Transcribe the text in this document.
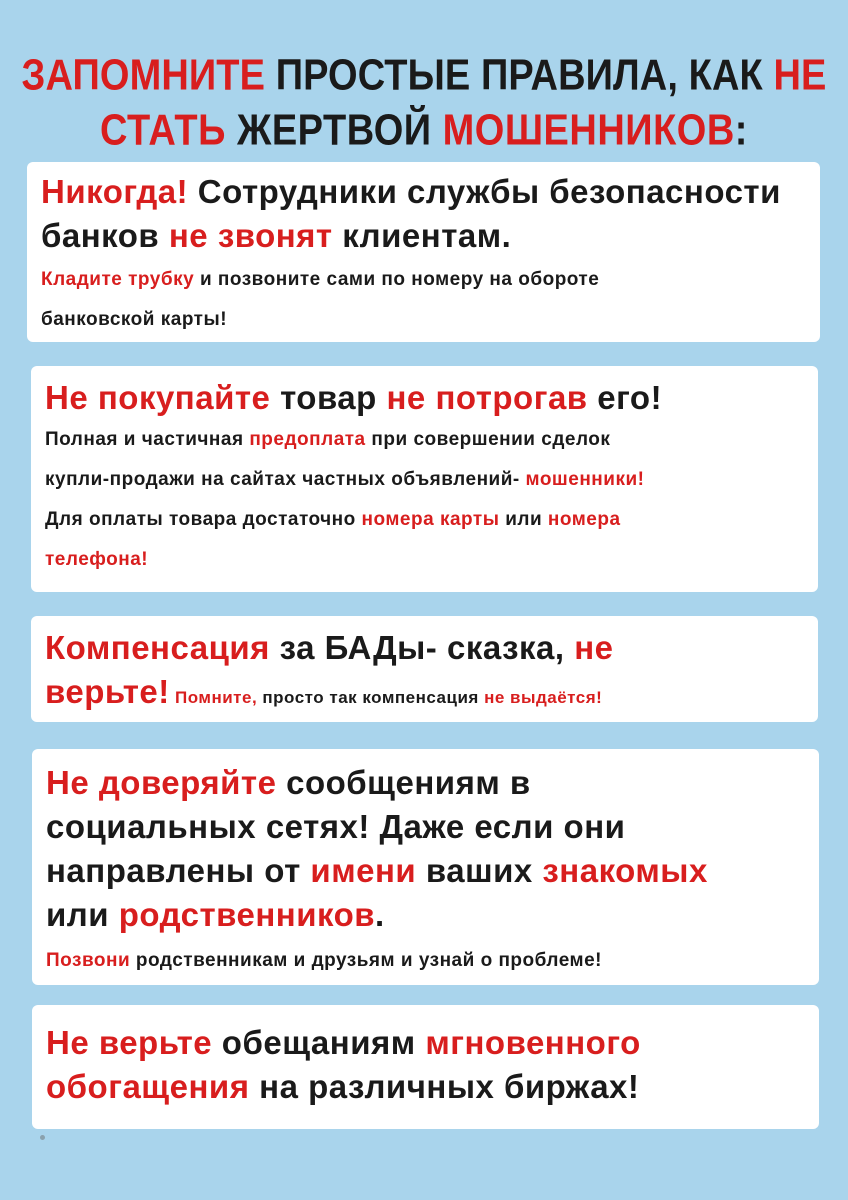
ЗАПОМНИТЕ ПРОСТЫЕ ПРАВИЛА, КАК НЕ
СТАТЬ ЖЕРТВОЙ МОШЕННИКОВ:
Никогда! Сотрудники службы безопасности
банков не звонят клиентам.
Кладите трубку и позвоните сами по номеру на обороте
банковской карты!
Не покупайте товар не потрогав его!
Полная и частичная предоплата при совершении сделок
купли-продажи на сайтах частных объявлений- мошенники!
Для оплаты товара достаточно номера карты или номера
телефона!
Компенсация за БАДы- сказка, не
верьте! Помните, просто так компенсация не выдаётся!
Не доверяйте сообщениям в
социальных сетях! Даже если они
направлены от имени ваших знакомых
или родственников.
Позвони родственникам и друзьям и узнай о проблеме!
Не верьте обещаниям мгновенного
обогащения на различных биржах!
